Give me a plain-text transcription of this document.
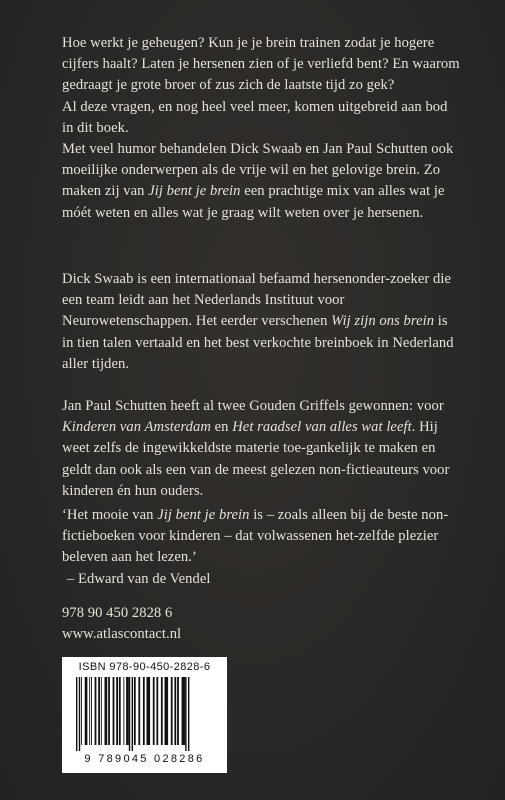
Hoe werkt je geheugen? Kun je je brein trainen zodat je hogere cijfers haalt? Laten je hersenen zien of je verliefd bent? En waarom gedraagt je grote broer of zus zich de laatste tijd zo gek?

Al deze vragen, en nog heel veel meer, komen uitgebreid aan bod in dit boek.

Met veel humor behandelen Dick Swaab en Jan Paul Schutten ook moeilijke onderwerpen als de vrije wil en het gelovige brein. Zo maken zij van Jij bent je brein een prachtige mix van alles wat je móét weten en alles wat je graag wilt weten over je hersenen.

Dick Swaab is een internationaal befaamd hersenonder-zoeker die een team leidt aan het Nederlands Instituut voor Neurowetenschappen. Het eerder verschenen Wij zijn ons brein is in tien talen vertaald en het best verkochte breinboek in Nederland aller tijden.

Jan Paul Schutten heeft al twee Gouden Griffels gewonnen: voor Kinderen van Amsterdam en Het raadsel van alles wat leeft. Hij weet zelfs de ingewikkeldste materie toe-gankelijk te maken en geldt dan ook als een van de meest gelezen non-fictieauteurs voor kinderen én hun ouders.

‘Het mooie van Jij bent je brein is – zoals alleen bij de beste non-fictieboeken voor kinderen – dat volwassenen het-zelfde plezier beleven aan het lezen.’

– Edward van de Vendel

978 90 450 2828 6

www.atlascontact.nl

ISBN 978-90-450-2828-6
9 789045 028286
